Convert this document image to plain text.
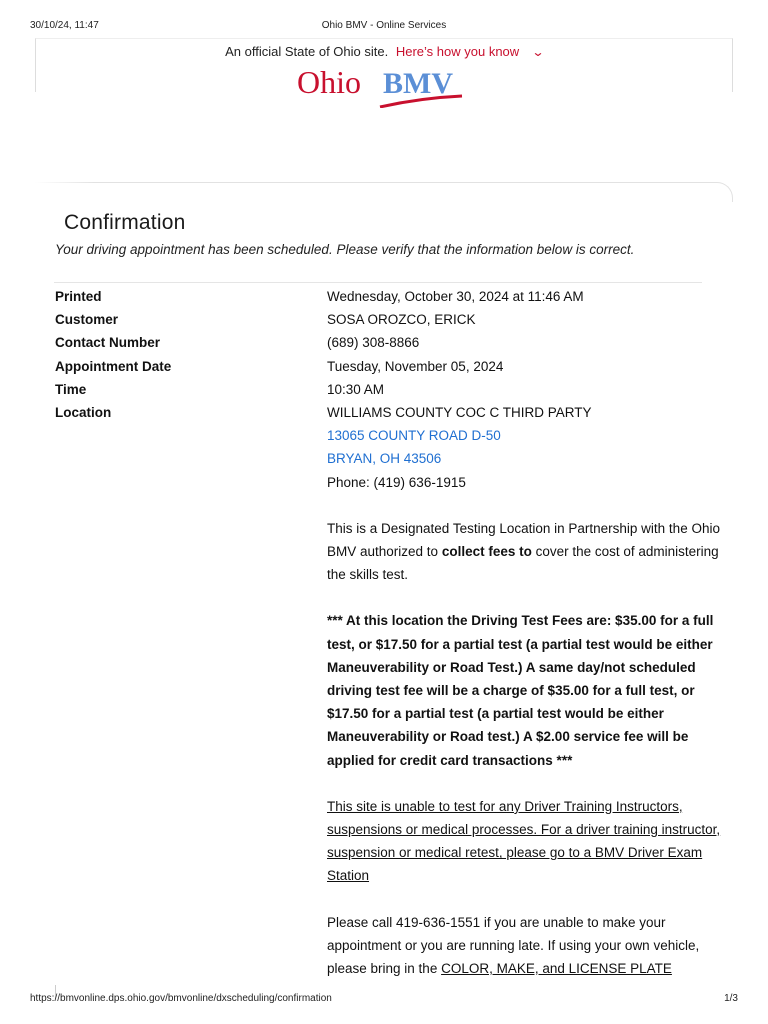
30/10/24, 11:47	Ohio BMV - Online Services
An official State of Ohio site. Here’s how you know ⌄
Ohio BMV
Confirmation

Your driving appointment has been scheduled. Please verify that the information below is correct.

Printed	Wednesday, October 30, 2024 at 11:46 AM
Customer	SOSA OROZCO, ERICK
Contact Number	(689) 308-8866
Appointment Date	Tuesday, November 05, 2024
Time	10:30 AM
Location	WILLIAMS COUNTY COC C THIRD PARTY
13065 COUNTY ROAD D-50
BRYAN, OH 43506
Phone: (419) 636-1915

This is a Designated Testing Location in Partnership with the Ohio BMV authorized to collect fees to cover the cost of administering the skills test.

*** At this location the Driving Test Fees are: $35.00 for a full test, or $17.50 for a partial test (a partial test would be either Maneuverability or Road Test.) A same day/not scheduled driving test fee will be a charge of $35.00 for a full test, or $17.50 for a partial test (a partial test would be either Maneuverability or Road test.) A $2.00 service fee will be applied for credit card transactions ***

This site is unable to test for any Driver Training Instructors, suspensions or medical processes. For a driver training instructor, suspension or medical retest, please go to a BMV Driver Exam Station

Please call 419-636-1551 if you are unable to make your appointment or you are running late. If using your own vehicle, please bring in the COLOR, MAKE, and LICENSE PLATE

https://bmvonline.dps.ohio.gov/bmvonline/dxscheduling/confirmation	1/3
